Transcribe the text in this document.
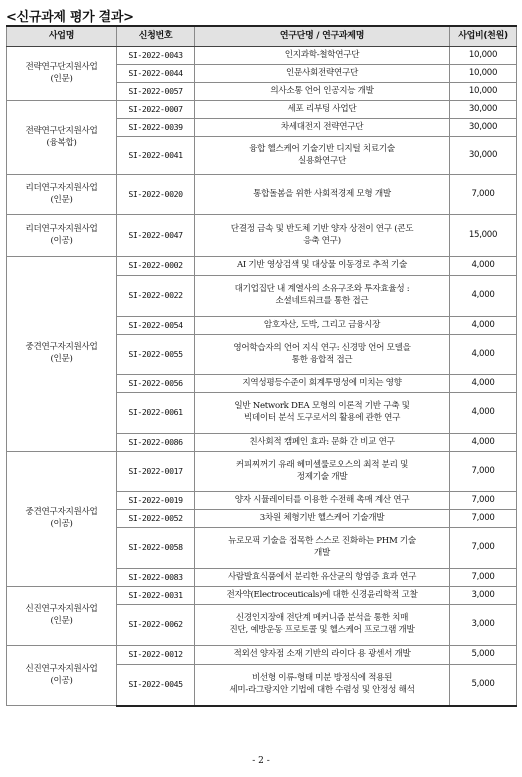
<신규과제 평가 결과>
사업명	신청번호	연구단명 / 연구과제명	사업비(천원)
전략연구단지원사업
(인문)	SI-2022-0043	인지과학-철학연구단	10,000
	SI-2022-0044	인문사회전략연구단	10,000
	SI-2022-0057	의사소통 언어 인공지능 개발	10,000
전략연구단지원사업
(융복합)	SI-2022-0007	세포 리부팅 사업단	30,000
	SI-2022-0039	차세대전지 전략연구단	30,000
	SI-2022-0041	융합 헬스케어 기술기반 디지털 치료기술
실용화연구단	30,000
리더연구자지원사업
(인문)	SI-2022-0020	통합돌봄을 위한 사회적경제 모형 개발	7,000
리더연구자지원사업
(이공)	SI-2022-0047	단결정 금속 및 반도체 기반 양자 상전이 연구 (콘도
응축 연구)	15,000
중견연구자지원사업
(인문)	SI-2022-0002	AI 기반 영상검색 및 대상물 이동경로 추적 기술	4,000
	SI-2022-0022	대기업집단 내 계열사의 소유구조와 투자효율성 :
소셜네트워크를 통한 접근	4,000
	SI-2022-0054	암호자산, 도박, 그리고 금융시장	4,000
	SI-2022-0055	영어학습자의 언어 지식 연구: 신경망 언어 모델을
통한 융합적 접근	4,000
	SI-2022-0056	지역성평등수준이 회계투명성에 미치는 영향	4,000
	SI-2022-0061	일반 Network DEA 모형의 이론적 기반 구축 및
빅데이터 분석 도구로서의 활용에 관한 연구	4,000
	SI-2022-0086	친사회적 캠페인 효과: 문화 간 비교 연구	4,000
중견연구자지원사업
(이공)	SI-2022-0017	커피찌꺼기 유래 헤미셀룰로오스의 최적 분리 및
정제기술 개발	7,000
	SI-2022-0019	양자 시뮬레이터를 이용한 수전해 촉매 계산 연구	7,000
	SI-2022-0052	3차원 체형기반 헬스케어 기술개발	7,000
	SI-2022-0058	뉴로모픽 기술을 접목한 스스로 진화하는 PHM 기술
개발	7,000
	SI-2022-0083	사람발효식품에서 분리한 유산균의 항염증 효과 연구	7,000
신진연구자지원사업
(인문)	SI-2022-0031	전자약(Electroceuticals)에 대한 신경윤리학적 고찰	3,000
	SI-2022-0062	신경인지장애 전단계 메커니즘 분석을 통한 치매
진단, 예방운동 프로토콜 및 헬스케어 프로그램 개발	3,000
신진연구자지원사업
(이공)	SI-2022-0012	적외선 양자점 소재 기반의 라이다 용 광센서 개발	5,000
	SI-2022-0045	비선형 이류-형태 미분 방정식에 적용된
세미-라그랑지안 기법에 대한 수렴성 및 안정성 해석	5,000
- 2 -
